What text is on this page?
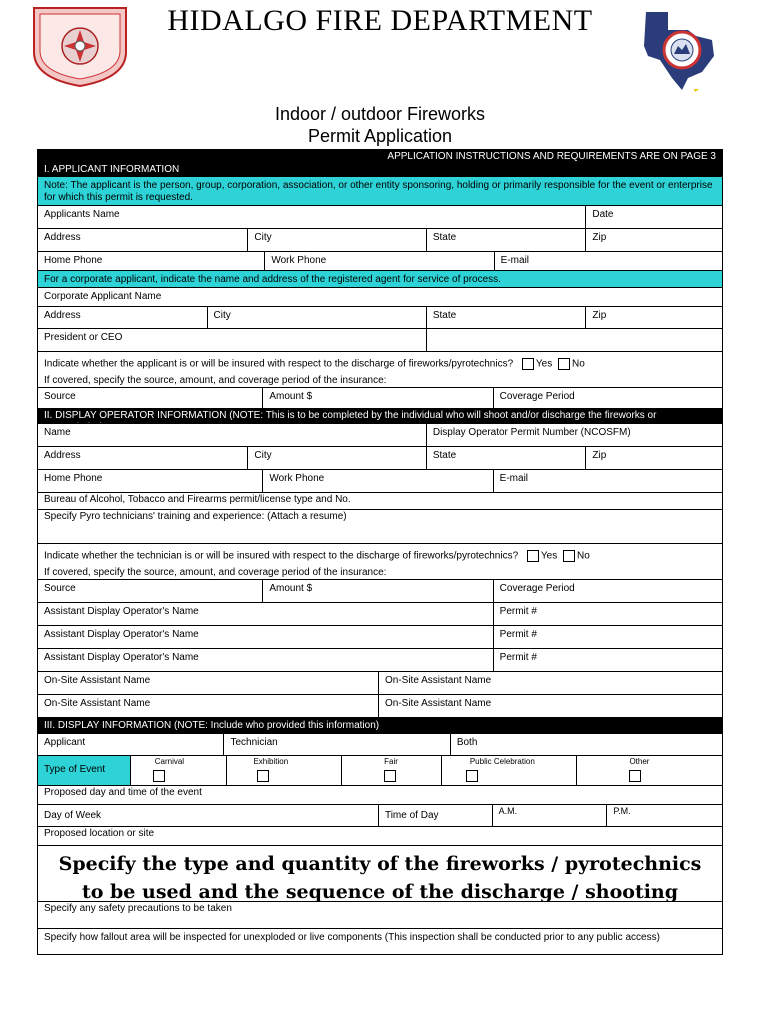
HIDALGO FIRE DEPARTMENT
Indoor / outdoor Fireworks
Permit Application
I. APPLICANT INFORMATION
APPLICATION INSTRUCTIONS AND REQUIREMENTS ARE ON PAGE 3
Note: The applicant is the person, group, corporation, association, or other entity sponsoring, holding or primarily responsible for the event or enterprise for which this permit is requested.
Applicants Name	Date
Address	City	State	Zip
Home Phone	Work Phone	E-mail
For a corporate applicant, indicate the name and address of the registered agent for service of process.
Corporate Applicant Name
Address	City	State	Zip
President or CEO
Indicate whether the applicant is or will be insured with respect to the discharge of fireworks/pyrotechnics? Yes No
If covered, specify the source, amount, and coverage period of the insurance:
Source	Amount $	Coverage Period
II. DISPLAY OPERATOR INFORMATION (NOTE: This is to be completed by the individual who will shoot and/or discharge the fireworks or
Name	Display Operator Permit Number (NCOSFM)
Address	City	State	Zip
Home Phone	Work Phone	E-mail
Bureau of Alcohol, Tobacco and Firearms permit/license type and No.
Specify Pyro technicians' training and experience: (Attach a resume)
Indicate whether the technician is or will be insured with respect to the discharge of fireworks/pyrotechnics? Yes No
If covered, specify the source, amount, and coverage period of the insurance:
Source	Amount $	Coverage Period
Assistant Display Operator's Name	Permit #
Assistant Display Operator's Name	Permit #
Assistant Display Operator's Name	Permit #
On-Site Assistant Name	On-Site Assistant Name
On-Site Assistant Name	On-Site Assistant Name
III. DISPLAY INFORMATION (NOTE: Include who provided this information)
Applicant	Technician	Both
Type of Event
Carnival	Exhibition	Fair	Public Celebration	Other
Proposed day and time of the event
Day of Week	Time of Day	A.M.	P.M.
Proposed location or site
Specify the type and quantity of the fireworks / pyrotechnics to be used and the sequence of the discharge / shooting
Specify any safety precautions to be taken
Specify how fallout area will be inspected for unexploded or live components (This inspection shall be conducted prior to any public access)
